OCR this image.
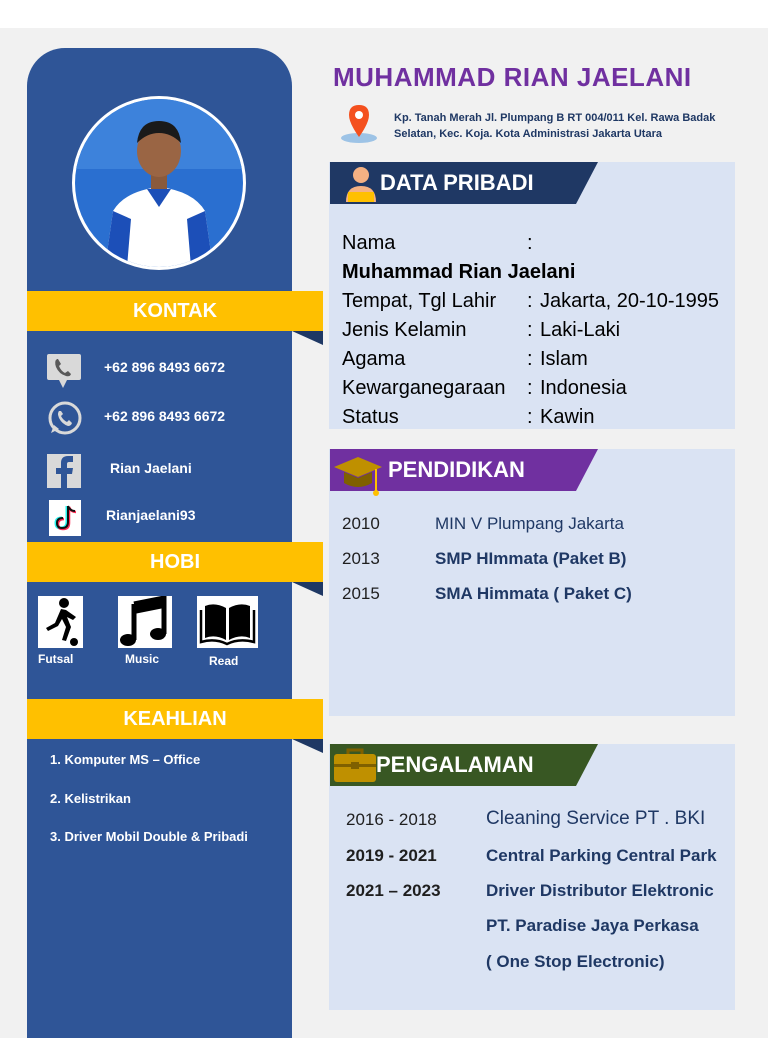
KONTAK
+62 896 8493 6672
+62 896 8493 6672
Rian Jaelani
Rianjaelani93
HOBI
Futsal	Music	Read
KEAHLIAN
1. Komputer MS – Office
2. Kelistrikan
3. Driver Mobil Double & Pribadi
MUHAMMAD RIAN JAELANI
Kp. Tanah Merah Jl. Plumpang B RT 004/011 Kel. Rawa Badak Selatan, Kec. Koja. Kota Administrasi Jakarta Utara
DATA PRIBADI
Nama	:
Muhammad Rian Jaelani
Tempat, Tgl Lahir : Jakarta, 20-10-1995
Jenis Kelamin	: Laki-Laki
Agama	: Islam
Kewarganegaraan : Indonesia
Status	: Kawin
PENDIDIKAN
2010	MIN V Plumpang Jakarta
2013	SMP HImmata (Paket B)
2015	SMA Himmata ( Paket C)
PENGALAMAN
2016 - 2018	Cleaning Service PT . BKI
2019 - 2021	Central Parking Central Park
2021 – 2023	Driver Distributor Elektronic
PT. Paradise Jaya Perkasa
( One Stop Electronic)
